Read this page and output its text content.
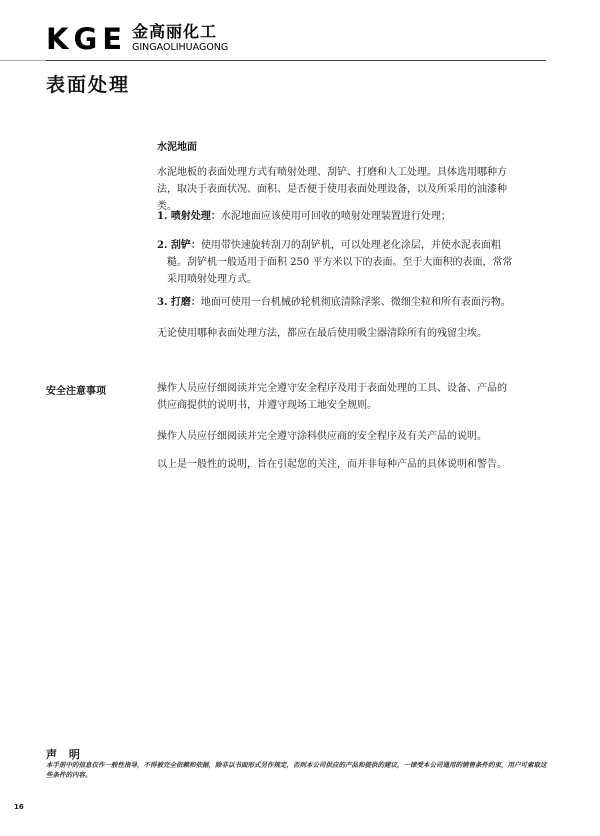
KGE 金高丽化工
GINGAOLIHUAGONG
表面处理
水泥地面

水泥地板的表面处理方式有喷射处理、刮铲、打磨和人工处理。具体选用哪种方法，取决于表面状况、面积、是否便于使用表面处理设备，以及所采用的油漆种类。

1. 喷射处理：水泥地面应该使用可回收的喷射处理装置进行处理；

2. 刮铲：使用带快速旋转刮刀的刮铲机，可以处理老化涂层，并使水泥表面粗糙。刮铲机一般适用于面积 250 平方米以下的表面。至于大面积的表面，常常采用喷射处理方式。

3. 打磨：地面可使用一台机械砂轮机彻底清除浮浆、微细尘粒和所有表面污物。

无论使用哪种表面处理方法，都应在最后使用吸尘器清除所有的残留尘埃。

安全注意事项	操作人员应仔细阅读并完全遵守安全程序及用于表面处理的工具、设备、产品的供应商提供的说明书，并遵守现场工地安全规则。

操作人员应仔细阅读并完全遵守涂料供应商的安全程序及有关产品的说明。

以上是一般性的说明，旨在引起您的关注，而并非每种产品的具体说明和警告。

声 明
本手册中的信息仅作一般性指导，不得被完全依赖和依据，除非以书面形式另作规定，否则本公司供应的产品和提供的建议，一律受本公司通用的销售条件约束，用户可索取这些条件的内容。
16
